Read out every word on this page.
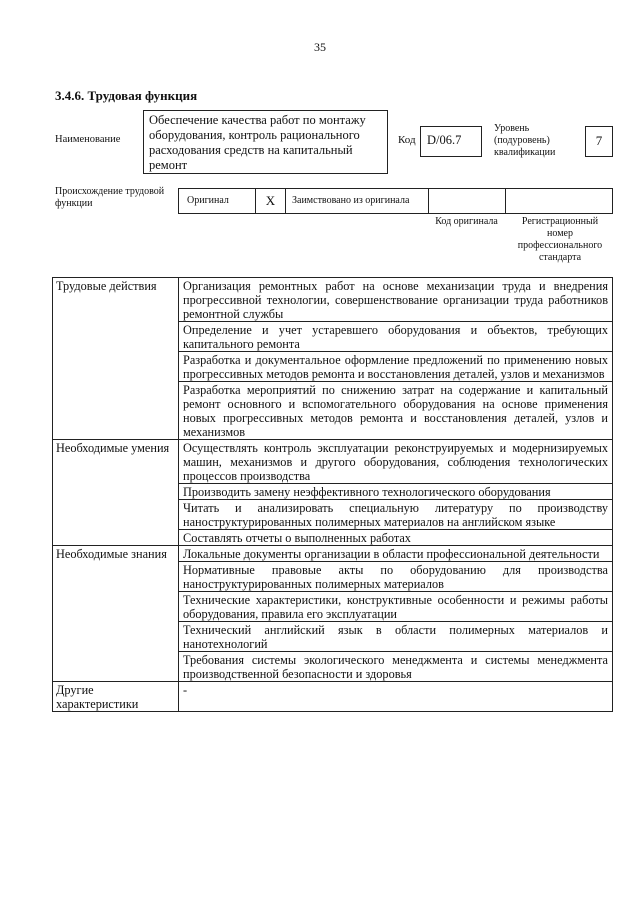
35
3.4.6. Трудовая функция
Наименование
Обеспечение качества работ по монтажу оборудования, контроль рационального расходования средств на капитальный ремонт
Код D/06.7
Уровень (подуровень) квалификации
7
Происхождение трудовой функции	Оригинал	X	Заимствовано из оригинала
Код оригинала	Регистрационный номер профессионального стандарта
Трудовые действия	Организация ремонтных работ на основе механизации труда и внедрения прогрессивной технологии, совершенствование организации труда работников ремонтной службы
	Определение и учет устаревшего оборудования и объектов, требующих капитального ремонта
	Разработка и документальное оформление предложений по применению новых прогрессивных методов ремонта и восстановления деталей, узлов и механизмов
	Разработка мероприятий по снижению затрат на содержание и капитальный ремонт основного и вспомогательного оборудования на основе применения новых прогрессивных методов ремонта и восстановления деталей, узлов и механизмов
Необходимые умения	Осуществлять контроль эксплуатации реконструируемых и модернизируемых машин, механизмов и другого оборудования, соблюдения технологических процессов производства
	Производить замену неэффективного технологического оборудования
	Читать и анализировать специальную литературу по производству наноструктурированных полимерных материалов на английском языке
	Составлять отчеты о выполненных работах
Необходимые знания	Локальные документы организации в области профессиональной деятельности
	Нормативные правовые акты по оборудованию для производства наноструктурированных полимерных материалов
	Технические характеристики, конструктивные особенности и режимы работы оборудования, правила его эксплуатации
	Технический английский язык в области полимерных материалов и нанотехнологий
	Требования системы экологического менеджмента и системы менеджмента производственной безопасности и здоровья
Другие характеристики	-
